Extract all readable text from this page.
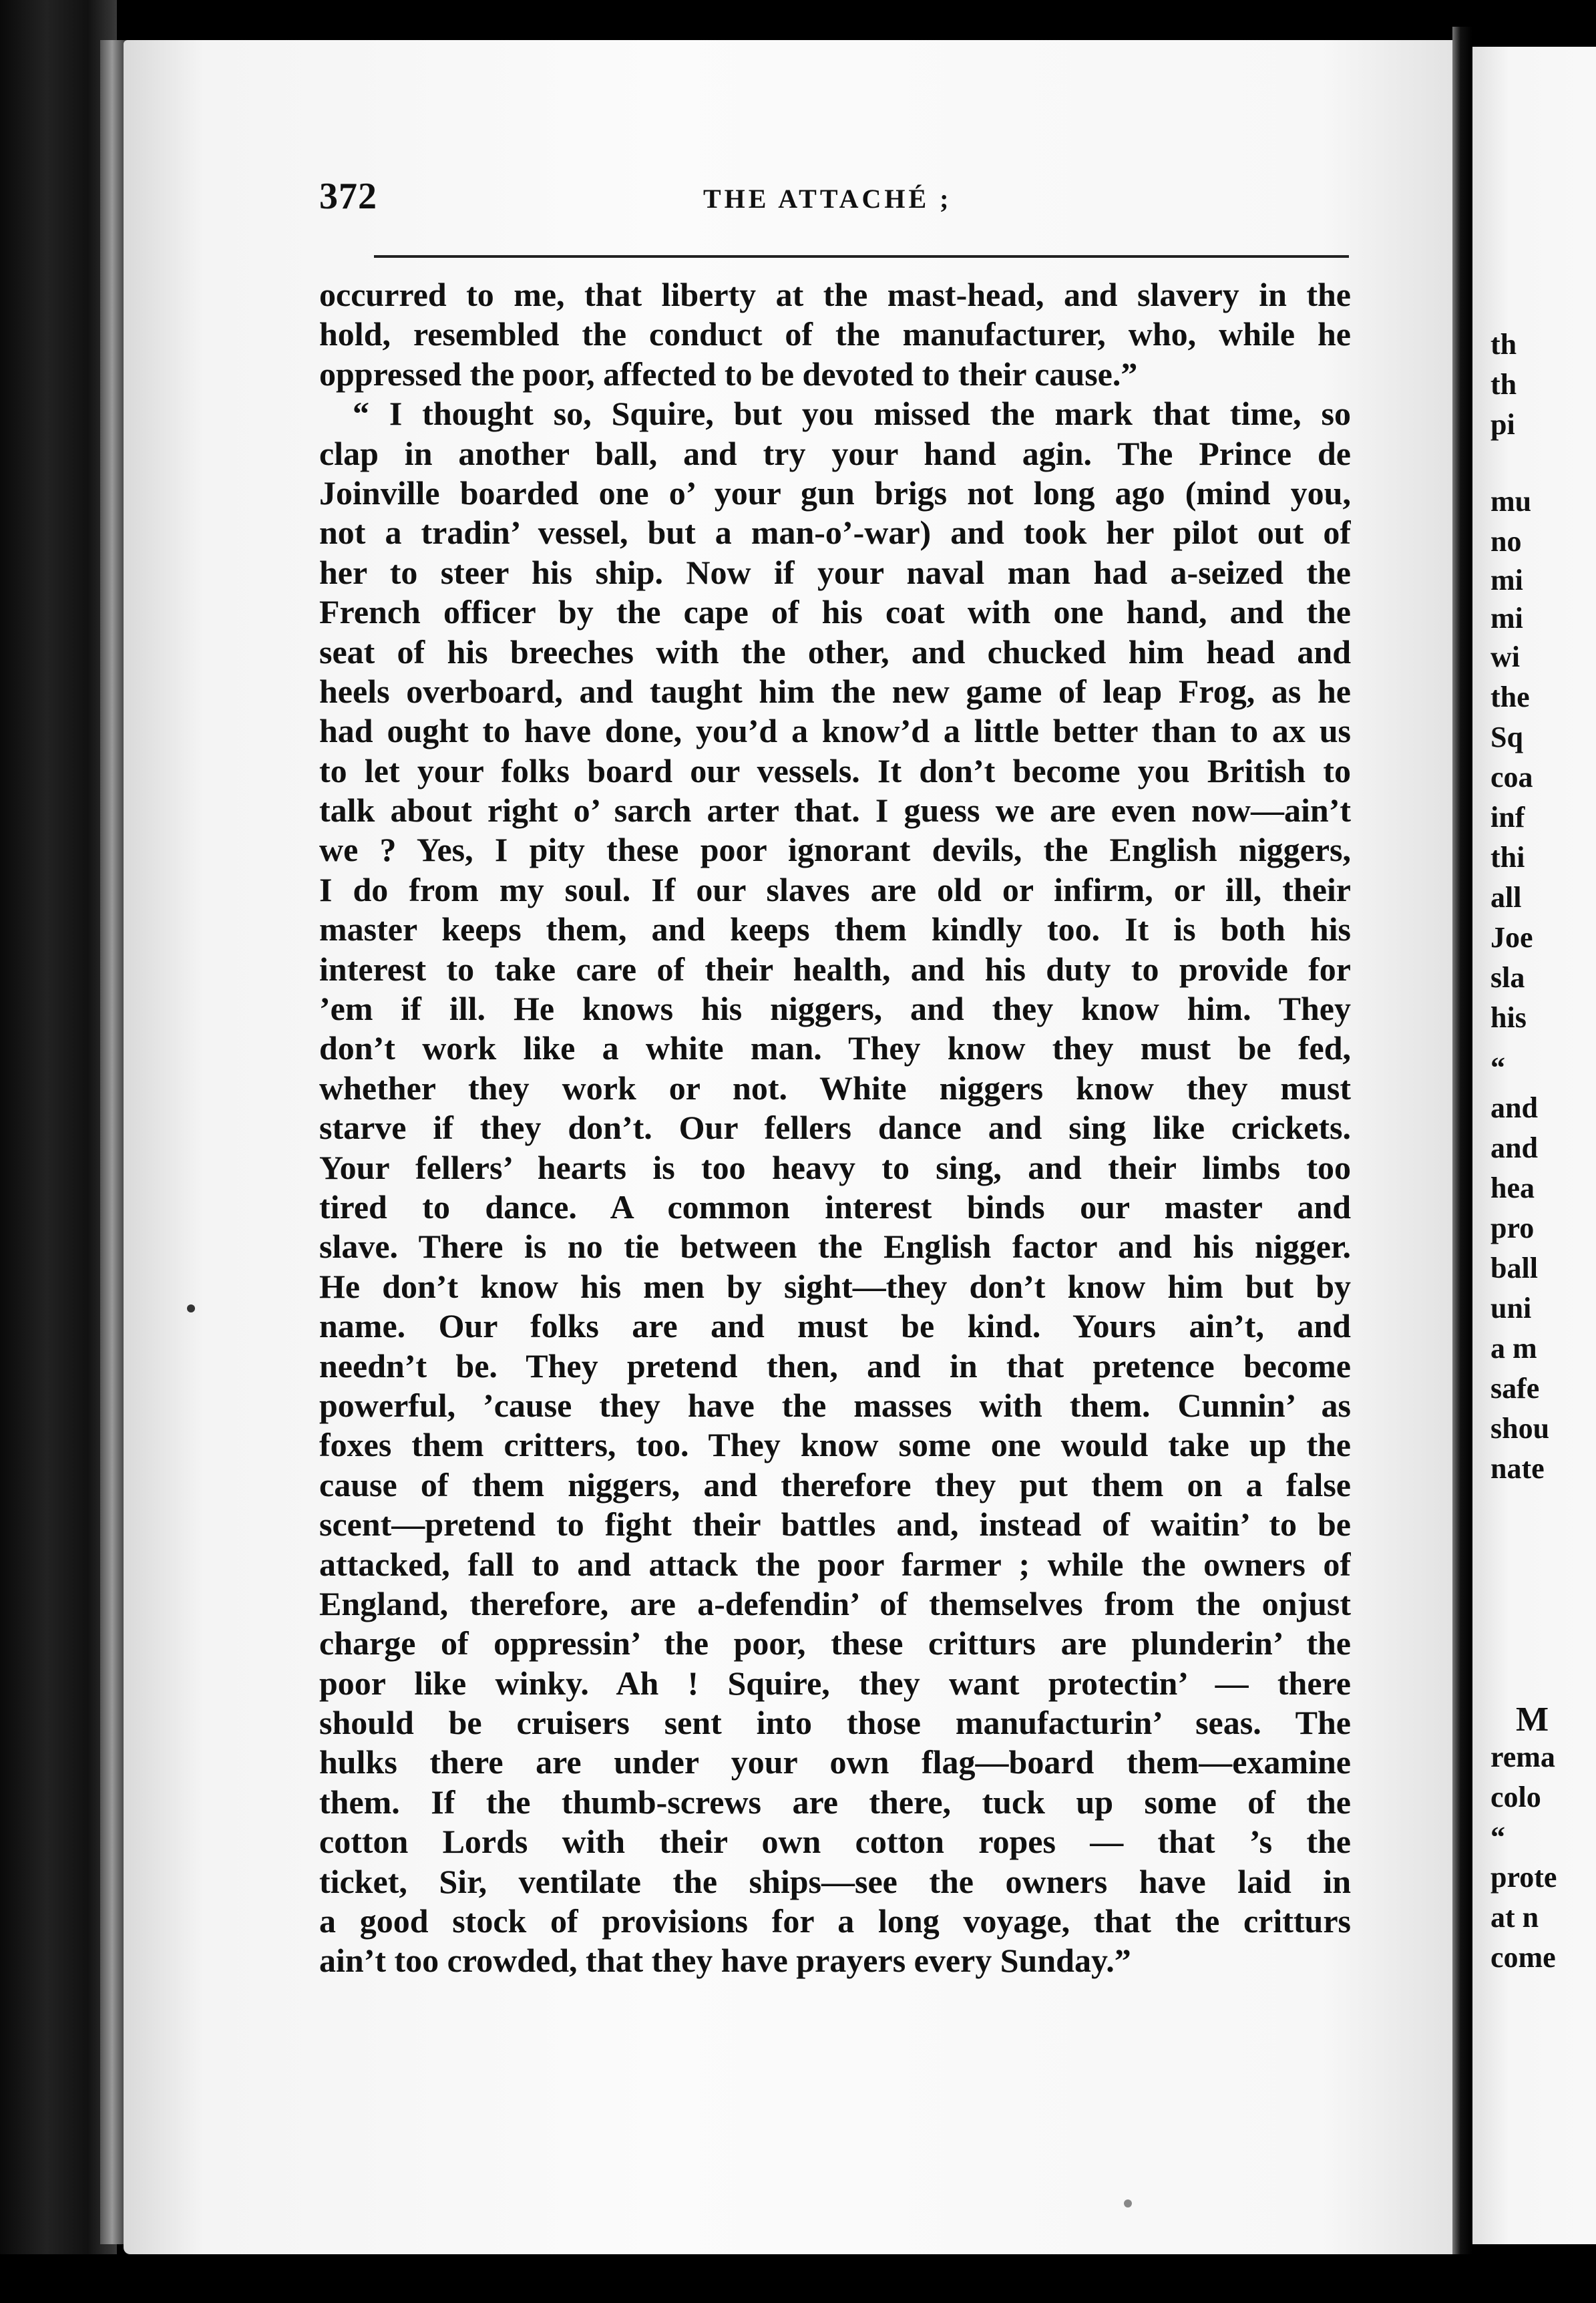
372	THE ATTACHÉ ;
occurred to me, that liberty at the mast-head, and slavery in the
hold, resembled the conduct of the manufacturer, who, while he
oppressed the poor, affected to be devoted to their cause.”
“ I thought so, Squire, but you missed the mark that time, so
clap in another ball, and try your hand agin. The Prince de
Joinville boarded one o’ your gun brigs not long ago (mind you,
not a tradin’ vessel, but a man-o’-war) and took her pilot out of
her to steer his ship. Now if your naval man had a-seized the
French officer by the cape of his coat with one hand, and the
seat of his breeches with the other, and chucked him head and
heels overboard, and taught him the new game of leap Frog, as he
had ought to have done, you’d a know’d a little better than to ax us
to let your folks board our vessels. It don’t become you British to
talk about right o’ sarch arter that. I guess we are even now—ain’t
we ? Yes, I pity these poor ignorant devils, the English niggers,
I do from my soul. If our slaves are old or infirm, or ill, their
master keeps them, and keeps them kindly too. It is both his
interest to take care of their health, and his duty to provide for
’em if ill. He knows his niggers, and they know him. They
don’t work like a white man. They know they must be fed,
whether they work or not. White niggers know they must
starve if they don’t. Our fellers dance and sing like crickets.
Your fellers’ hearts is too heavy to sing, and their limbs too
tired to dance. A common interest binds our master and
slave. There is no tie between the English factor and his nigger.
He don’t know his men by sight—they don’t know him but by
name. Our folks are and must be kind. Yours ain’t, and
needn’t be. They pretend then, and in that pretence become
powerful, ’cause they have the masses with them. Cunnin’ as
foxes them critters, too. They know some one would take up the
cause of them niggers, and therefore they put them on a false
scent—pretend to fight their battles and, instead of waitin’ to be
attacked, fall to and attack the poor farmer ; while the owners of
England, therefore, are a-defendin’ of themselves from the onjust
charge of oppressin’ the poor, these critturs are plunderin’ the
poor like winky. Ah ! Squire, they want protectin’ — there
should be cruisers sent into those manufacturin’ seas. The
hulks there are under your own flag—board them—examine
them. If the thumb-screws are there, tuck up some of the
cotton Lords with their own cotton ropes — that ’s the
ticket, Sir, ventilate the ships—see the owners have laid in
a good stock of provisions for a long voyage, that the critturs
ain’t too crowded, that they have prayers every Sunday.”
th
th
pi
mu
no
mi
mi
wi
the
Sq
coa
inf
thi
all
Joe
sla
his
“
and
and
hea
pro
ball
uni
a m
safe
shou
nate
M
rema
colo
“
prote
at n
come
